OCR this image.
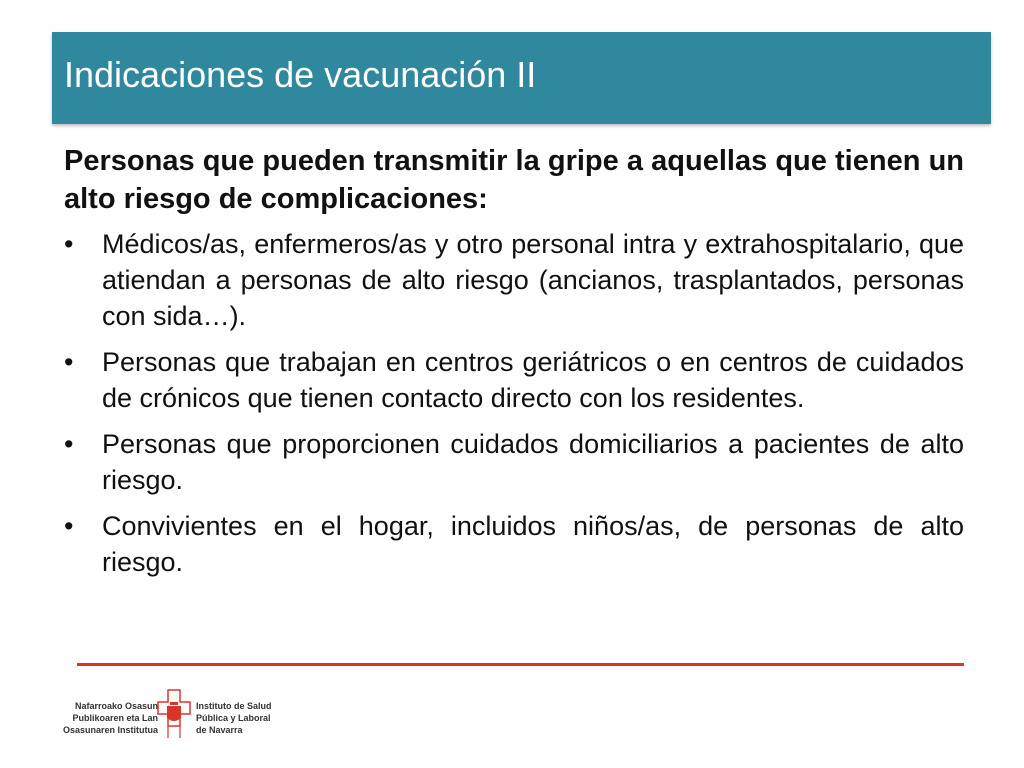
Indicaciones de vacunación II

Personas que pueden transmitir la gripe a aquellas que tienen un alto riesgo de complicaciones:

•	Médicos/as, enfermeros/as y otro personal intra y extrahospitalario, que atiendan a personas de alto riesgo (ancianos, trasplantados, personas con sida…).
•	Personas que trabajan en centros geriátricos o en centros de cuidados de crónicos que tienen contacto directo con los residentes.
•	Personas que proporcionen cuidados domiciliarios a pacientes de alto riesgo.
•	Convivientes en el hogar, incluidos niños/as, de personas de alto riesgo.
Nafarroako Osasun
Publikoaren eta Lan
Osasunaren Institutua
Instituto de Salud
Pública y Laboral
de Navarra
